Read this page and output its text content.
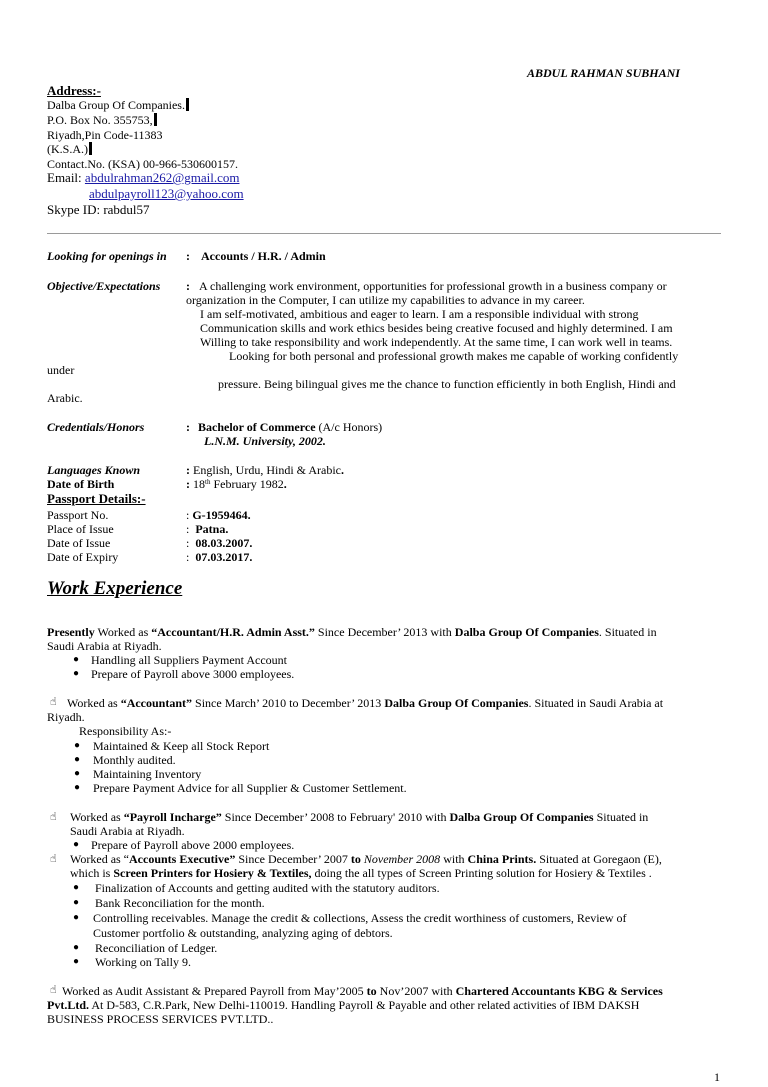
ABDUL RAHMAN SUBHANI
Address:-
Dalba Group Of Companies.
P.O. Box No. 355753,
Riyadh,Pin Code-11383
(K.S.A.)
Contact.No. (KSA) 00-966-530600157.
Email: abdulrahman262@gmail.com
abdulpayroll123@yahoo.com
Skype ID: rabdul57
Looking for openings in : Accounts / H.R. / Admin
Objective/Expectations : A challenging work environment, opportunities for professional growth in a business company or
organization in the Computer, I can utilize my capabilities to advance in my career.
I am self-motivated, ambitious and eager to learn. I am a responsible individual with strong
Communication skills and work ethics besides being creative focused and highly determined. I am
Willing to take responsibility and work independently. At the same time, I can work well in teams.
Looking for both personal and professional growth makes me capable of working confidently
under
pressure. Being bilingual gives me the chance to function efficiently in both English, Hindi and
Arabic.
Credentials/Honors	: Bachelor of Commerce (A/c Honors)
L.N.M. University, 2002.
Languages Known	: English, Urdu, Hindi & Arabic.
Date of Birth	: 18th February 1982.
Passport Details:-
Passport No.	: G-1959464.
Place of Issue	: Patna.
Date of Issue	: 08.03.2007.
Date of Expiry	: 07.03.2017.
Work Experience
Presently Worked as “Accountant/H.R. Admin Asst.” Since December’ 2013 with Dalba Group Of Companies. Situated in
Saudi Arabia at Riyadh.
● Handling all Suppliers Payment Account
● Prepare of Payroll above 3000 employees.
☝ Worked as “Accountant” Since March’ 2010 to December’ 2013 Dalba Group Of Companies. Situated in Saudi Arabia at
Riyadh.
Responsibility As:-
● Maintained & Keep all Stock Report
● Monthly audited.
● Maintaining Inventory
● Prepare Payment Advice for all Supplier & Customer Settlement.
☝ Worked as “Payroll Incharge” Since December’ 2008 to February' 2010 with Dalba Group Of Companies Situated in
Saudi Arabia at Riyadh.
● Prepare of Payroll above 2000 employees.
☝ Worked as “Accounts Executive” Since December’ 2007 to November 2008 with China Prints. Situated at Goregaon (E),
which is Screen Printers for Hosiery & Textiles, doing the all types of Screen Printing solution for Hosiery & Textiles .
● Finalization of Accounts and getting audited with the statutory auditors.
● Bank Reconciliation for the month.
● Controlling receivables. Manage the credit & collections, Assess the credit worthiness of customers, Review of
Customer portfolio & outstanding, analyzing aging of debtors.
● Reconciliation of Ledger.
● Working on Tally 9.
☝ Worked as Audit Assistant & Prepared Payroll from May’2005 to Nov’2007 with Chartered Accountants KBG & Services
Pvt.Ltd. At D-583, C.R.Park, New Delhi-110019. Handling Payroll & Payable and other related activities of IBM DAKSH
BUSINESS PROCESS SERVICES PVT.LTD..
1
